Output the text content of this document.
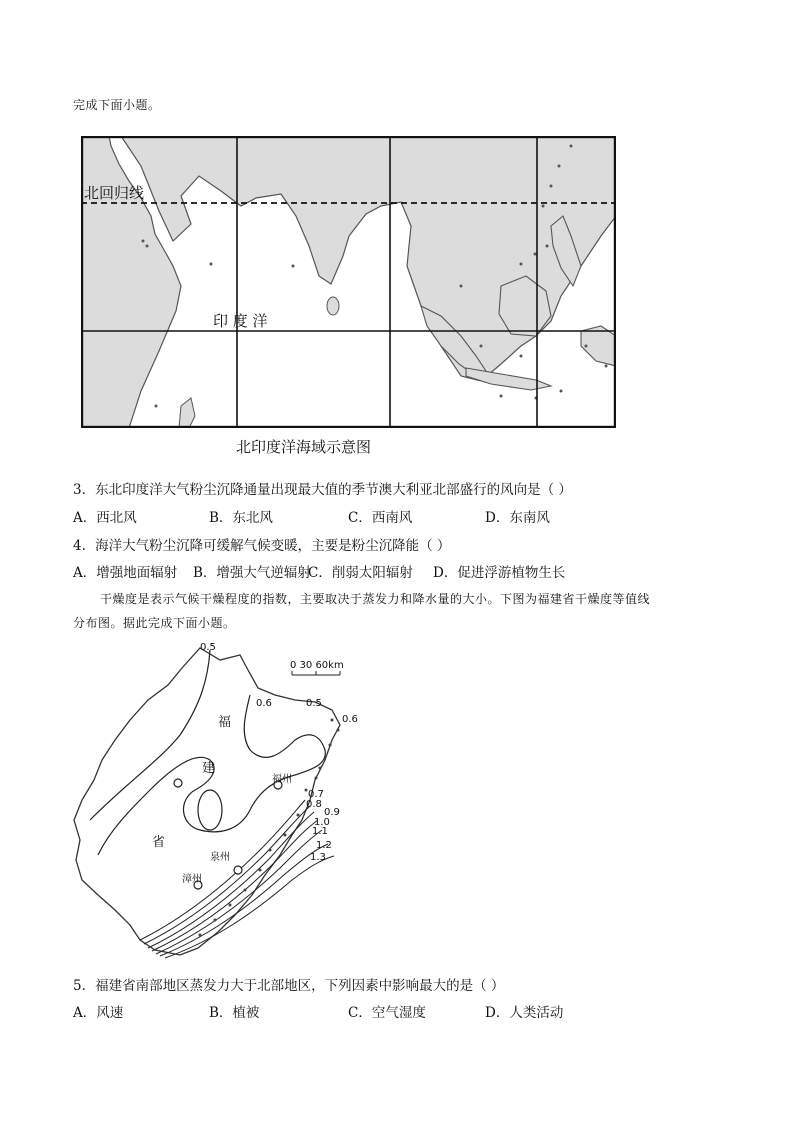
完成下面小题。
北回归线
印 度 洋
北印度洋海域示意图
3．东北印度洋大气粉尘沉降通量出现最大值的季节澳大利亚北部盛行的风向是（ ）
A．西北风	B．东北风	C．西南风	D．东南风
4．海洋大气粉尘沉降可缓解气候变暖，主要是粉尘沉降能（ ）
A．增强地面辐射 B．增强大气逆辐射
C．削弱太阳辐射 D．促进浮游植物生长
干燥度是表示气候干燥程度的指数，主要取决于蒸发力和降水量的大小。下图为福建省干燥度等值线
分布图。据此完成下面小题。
0 30 60km
福
建
省
福州
泉州
漳州
0.5
0.6	0.5
0.6
0.7
0.8
0.9
1.0
1.1
1.2
1.3
5．福建省南部地区蒸发力大于北部地区，下列因素中影响最大的是（ ）
A．风速	B．植被	C．空气湿度	D．人类活动
